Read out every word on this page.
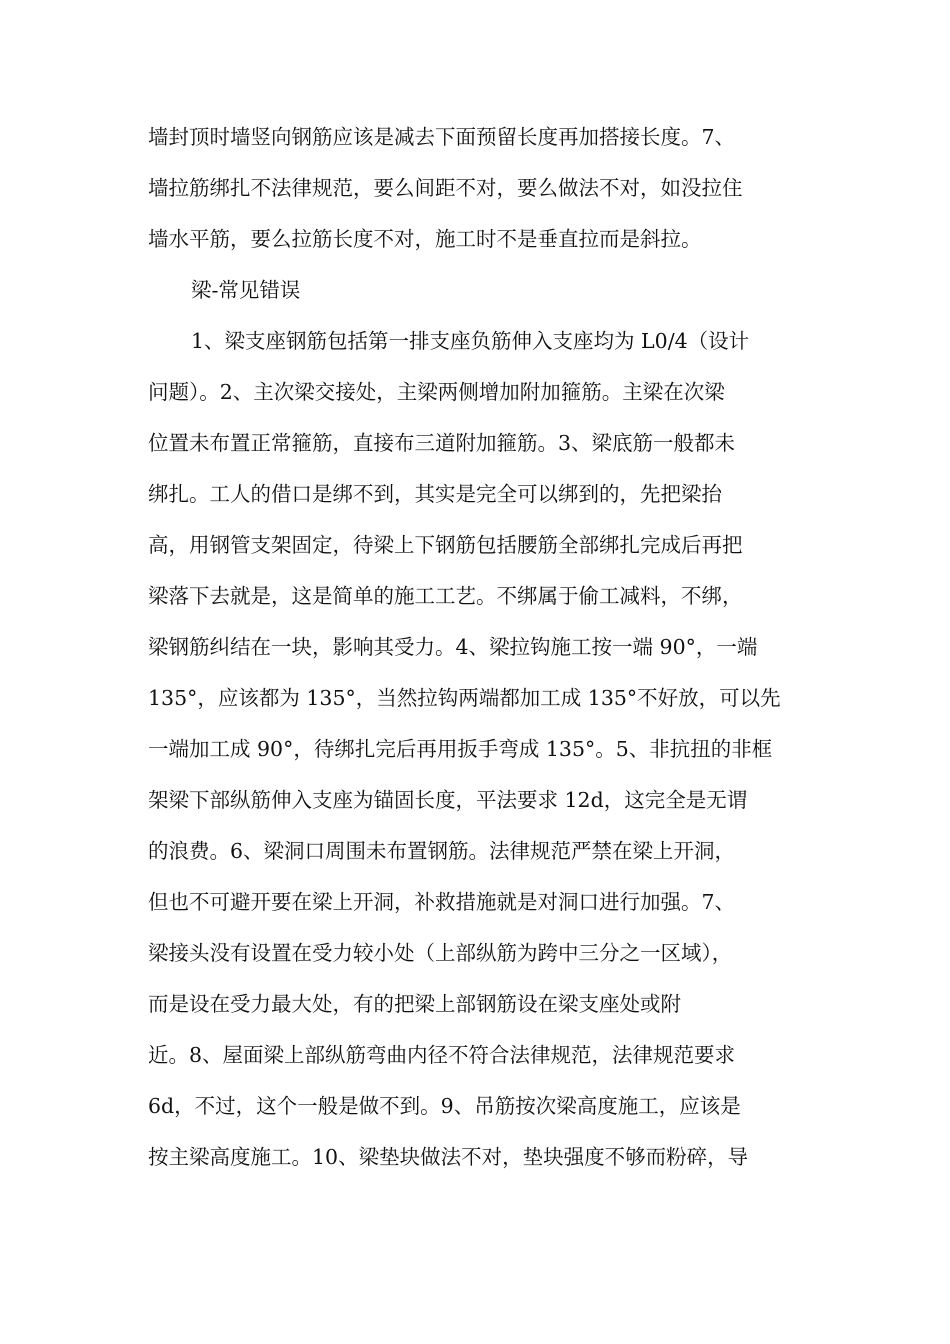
墙封顶时墙竖向钢筋应该是减去下面预留长度再加搭接长度。7、
墙拉筋绑扎不法律规范，要么间距不对，要么做法不对，如没拉住
墙水平筋，要么拉筋长度不对，施工时不是垂直拉而是斜拉。
梁-常见错误
1、梁支座钢筋包括第一排支座负筋伸入支座均为 L0/4（设计
问题）。2、主次梁交接处，主梁两侧增加附加箍筋。主梁在次梁
位置未布置正常箍筋，直接布三道附加箍筋。3、梁底筋一般都未
绑扎。工人的借口是绑不到，其实是完全可以绑到的，先把梁抬
高，用钢管支架固定，待梁上下钢筋包括腰筋全部绑扎完成后再把
梁落下去就是，这是简单的施工工艺。不绑属于偷工减料，不绑，
梁钢筋纠结在一块，影响其受力。4、梁拉钩施工按一端 90°，一端
135°，应该都为 135°，当然拉钩两端都加工成 135°不好放，可以先
一端加工成 90°，待绑扎完后再用扳手弯成 135°。5、非抗扭的非框
架梁下部纵筋伸入支座为锚固长度，平法要求 12d，这完全是无谓
的浪费。6、梁洞口周围未布置钢筋。法律规范严禁在梁上开洞，
但也不可避开要在梁上开洞，补救措施就是对洞口进行加强。7、
梁接头没有设置在受力较小处（上部纵筋为跨中三分之一区域），
而是设在受力最大处，有的把梁上部钢筋设在梁支座处或附
近。8、屋面梁上部纵筋弯曲内径不符合法律规范，法律规范要求
6d，不过，这个一般是做不到。9、吊筋按次梁高度施工，应该是
按主梁高度施工。10、梁垫块做法不对，垫块强度不够而粉碎，导
